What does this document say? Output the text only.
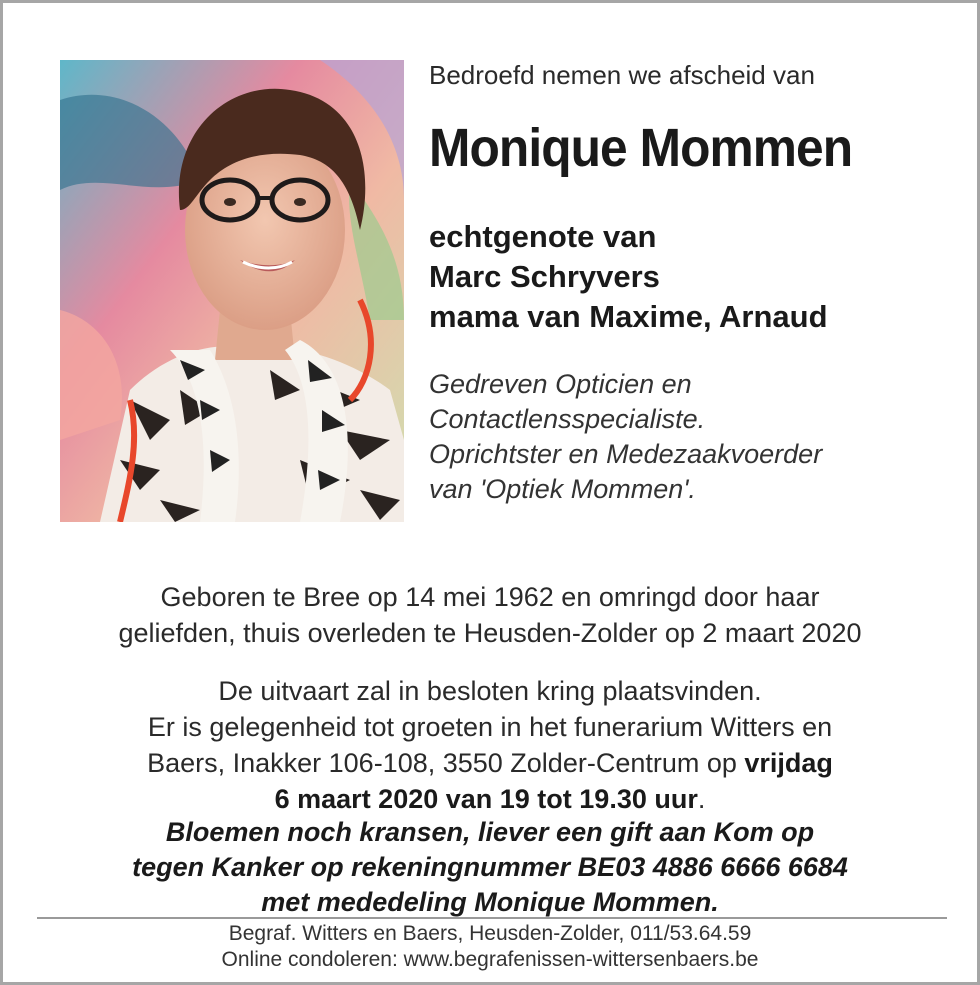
Bedroefd nemen we afscheid van
Monique Mommen
echtgenote van
Marc Schryvers
mama van Maxime, Arnaud
Gedreven Opticien en
Contactlensspecialiste.
Oprichtster en Medezaakvoerder
van 'Optiek Mommen'.
Geboren te Bree op 14 mei 1962 en omringd door haar
geliefden, thuis overleden te Heusden-Zolder op 2 maart 2020
De uitvaart zal in besloten kring plaatsvinden.
Er is gelegenheid tot groeten in het funerarium Witters en
Baers, Inakker 106-108, 3550 Zolder-Centrum op vrijdag
6 maart 2020 van 19 tot 19.30 uur.
Bloemen noch kransen, liever een gift aan Kom op
tegen Kanker op rekeningnummer BE03 4886 6666 6684
met mededeling Monique Mommen.
Begraf. Witters en Baers, Heusden-Zolder, 011/53.64.59
Online condoleren: www.begrafenissen-wittersenbaers.be
